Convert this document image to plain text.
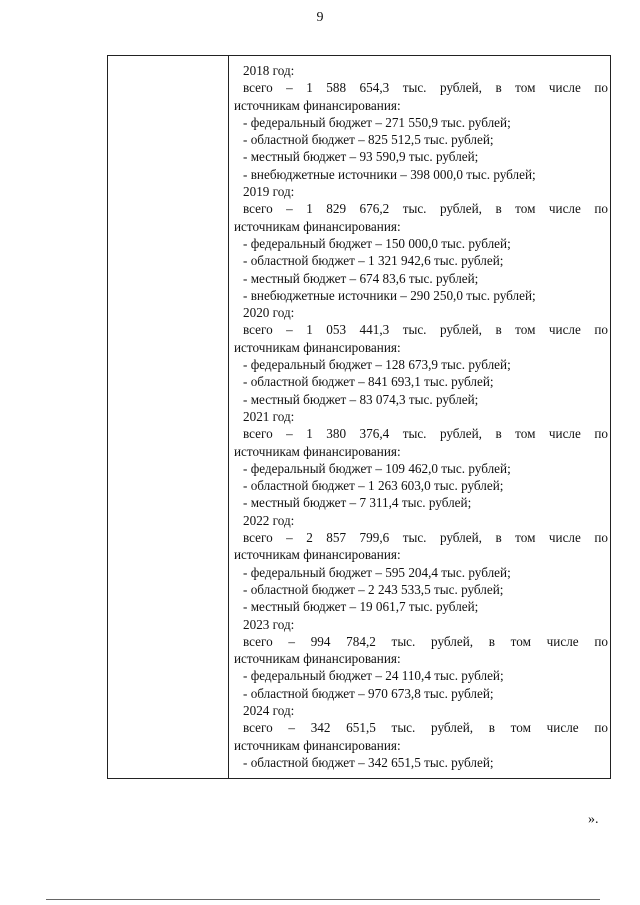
9
2018 год:
всего – 1 588 654,3 тыс. рублей, в том числе по
источникам финансирования:
- федеральный бюджет – 271 550,9 тыс. рублей;
- областной бюджет – 825 512,5 тыс. рублей;
- местный бюджет – 93 590,9 тыс. рублей;
- внебюджетные источники – 398 000,0 тыс. рублей;
2019 год:
всего – 1 829 676,2 тыс. рублей, в том числе по
источникам финансирования:
- федеральный бюджет – 150 000,0 тыс. рублей;
- областной бюджет – 1 321 942,6 тыс. рублей;
- местный бюджет – 674 83,6 тыс. рублей;
- внебюджетные источники – 290 250,0 тыс. рублей;
2020 год:
всего – 1 053 441,3 тыс. рублей, в том числе по
источникам финансирования:
- федеральный бюджет – 128 673,9 тыс. рублей;
- областной бюджет – 841 693,1 тыс. рублей;
- местный бюджет – 83 074,3 тыс. рублей;
2021 год:
всего – 1 380 376,4 тыс. рублей, в том числе по
источникам финансирования:
- федеральный бюджет – 109 462,0 тыс. рублей;
- областной бюджет – 1 263 603,0 тыс. рублей;
- местный бюджет – 7 311,4 тыс. рублей;
2022 год:
всего – 2 857 799,6 тыс. рублей, в том числе по
источникам финансирования:
- федеральный бюджет – 595 204,4 тыс. рублей;
- областной бюджет – 2 243 533,5 тыс. рублей;
- местный бюджет – 19 061,7 тыс. рублей;
2023 год:
всего – 994 784,2 тыс. рублей, в том числе по
источникам финансирования:
- федеральный бюджет – 24 110,4 тыс. рублей;
- областной бюджет – 970 673,8 тыс. рублей;
2024 год:
всего – 342 651,5 тыс. рублей, в том числе по
источникам финансирования:
- областной бюджет – 342 651,5 тыс. рублей;
».
